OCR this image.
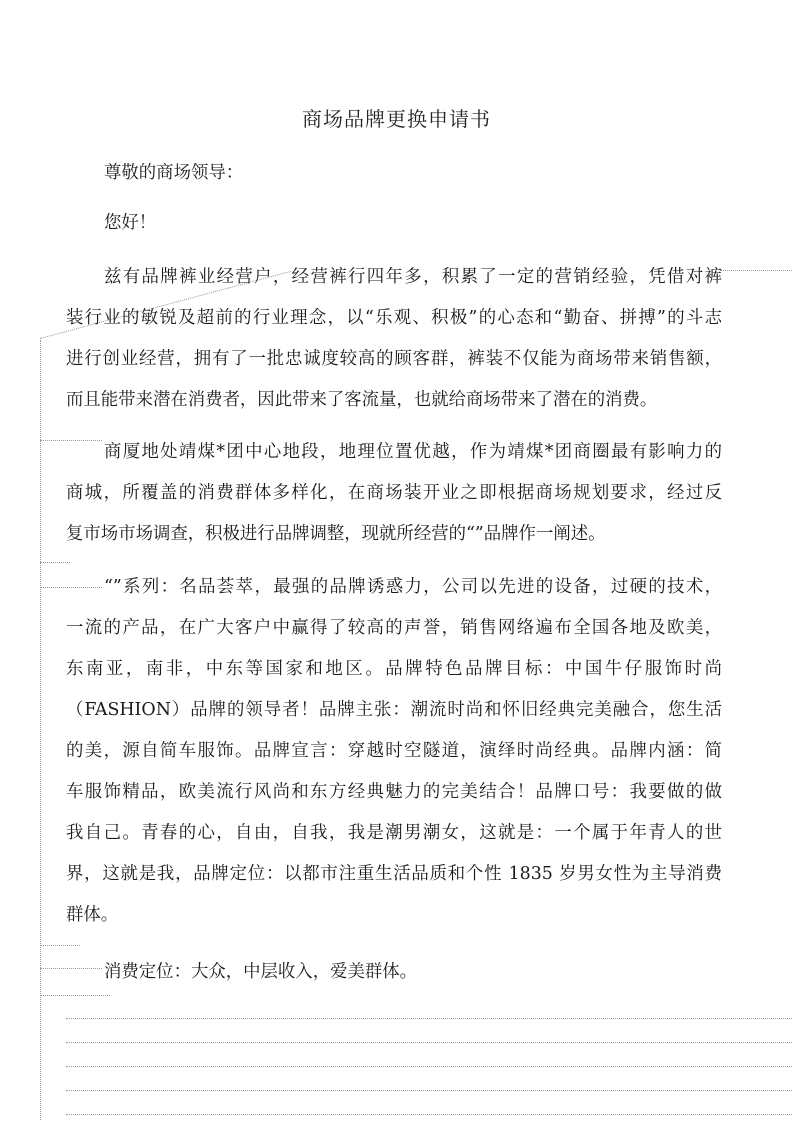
商场品牌更换申请书
尊敬的商场领导：
您好！
兹有品牌裤业经营户，经营裤行四年多，积累了一定的营销经验，凭借对裤
装行业的敏锐及超前的行业理念，以“乐观、积极”的心态和“勤奋、拼搏”的斗志
进行创业经营，拥有了一批忠诚度较高的顾客群，裤装不仅能为商场带来销售额，
而且能带来潜在消费者，因此带来了客流量，也就给商场带来了潜在的消费。
商厦地处靖煤*团中心地段，地理位置优越，作为靖煤*团商圈最有影响力的
商城，所覆盖的消费群体多样化，在商场装开业之即根据商场规划要求，经过反
复市场市场调查，积极进行品牌调整，现就所经营的“”品牌作一阐述。
“”系列：名品荟萃，最强的品牌诱惑力，公司以先进的设备，过硬的技术，
一流的产品，在广大客户中赢得了较高的声誉，销售网络遍布全国各地及欧美，
东南亚，南非，中东等国家和地区。品牌特色品牌目标：中国牛仔服饰时尚
（FASHION）品牌的领导者！品牌主张：潮流时尚和怀旧经典完美融合，您生活
的美，源自简车服饰。品牌宣言：穿越时空隧道，演绎时尚经典。品牌内涵：简
车服饰精品，欧美流行风尚和东方经典魅力的完美结合！品牌口号：我要做的做
我自己。青春的心，自由，自我，我是潮男潮女，这就是：一个属于年青人的世
界，这就是我，品牌定位：以都市注重生活品质和个性 1835 岁男女性为主导消费
群体。
消费定位：大众，中层收入，爱美群体。
